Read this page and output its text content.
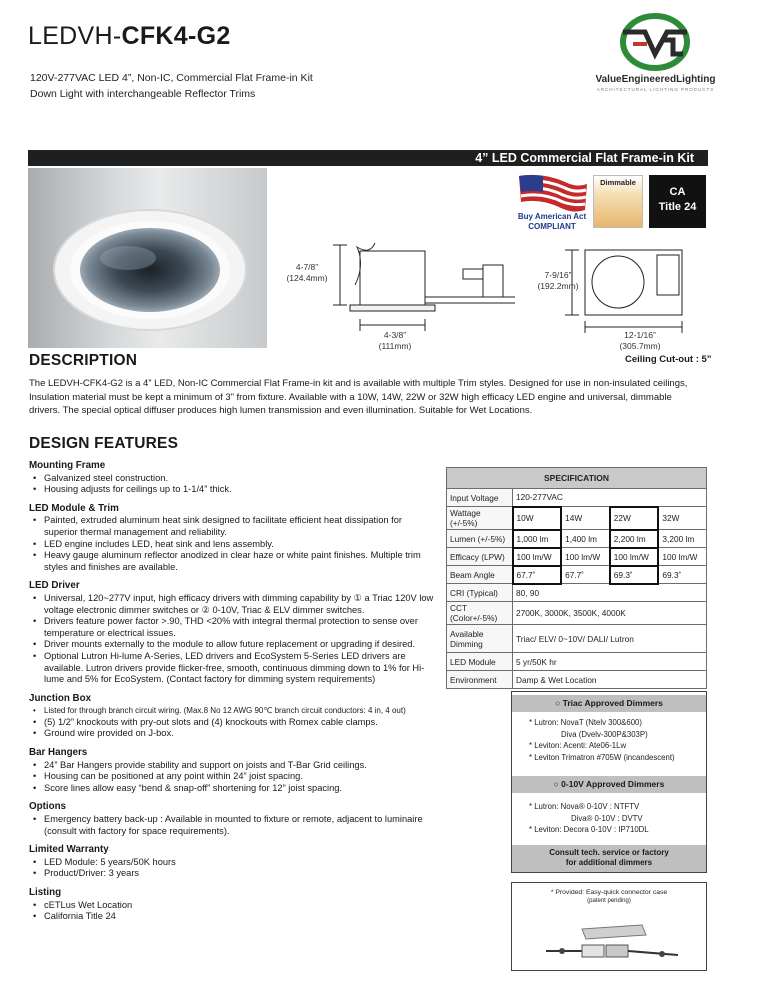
LEDVH-CFK4-G2
120V-277VAC LED 4”, Non-IC, Commercial Flat Frame-in Kit
Down Light with interchangeable Reflector Trims
ValueEngineeredLighting
ARCHITECTURAL LIGHTING PRODUCTS
4” LED Commercial Flat Frame-in Kit
Buy American Act
COMPLIANT
Dimmable
CA
Title 24
4-7/8”
(124.4mm)
4-3/8”
(111mm)
7-9/16”
(192.2mm)
12-1/16”
(305.7mm)
Ceiling Cut-out : 5”
DESCRIPTION
The LEDVH-CFK4-G2 is a 4” LED, Non-IC Commercial Flat Frame-in kit and is available with multiple Trim styles. Designed for use in non-insulated ceilings, Insulation material must be kept a minimum of 3” from fixture. Available with a 10W, 14W, 22W or 32W high efficacy LED engine and universal, dimmable drivers. The special optical diffuser produces high lumen transmission and even illumination. Suitable for Wet Locations.
DESIGN FEATURES
Mounting Frame
• Galvanized steel construction.
• Housing adjusts for ceilings up to 1-1/4” thick.
LED Module & Trim
• Painted, extruded aluminum heat sink designed to facilitate efficient heat dissipation for superior thermal management and reliability.
• LED engine includes LED, heat sink and lens assembly.
• Heavy gauge aluminum reflector anodized in clear haze or white paint finishes. Multiple trim styles and finishes are available.
LED Driver
• Universal, 120~277V input, high efficacy drivers with dimming capability by ① a Triac 120V low voltage electronic dimmer switches or ② 0-10V, Triac & ELV dimmer switches.
• Drivers feature power factor >.90, THD <20% with integral thermal protection to sense over temperature or electrical issues.
• Driver mounts externally to the module to allow future replacement or upgrading if desired.
• Optional Lutron Hi-lume A-Series, LED drivers and EcoSystem 5-Series LED drivers are available. Lutron drivers provide flicker-free, smooth, continuous dimming down to 1% for Hi-lume and 5% for EcoSystem. (Contact factory for dimming system requirements)
Junction Box
• Listed for through branch circuit wiring. (Max.8 No 12 AWG 90℃ branch circuit conductors: 4 in, 4 out)
• (5) 1/2” knockouts with pry-out slots and (4) knockouts with Romex cable clamps.
• Ground wire provided on J-box.
Bar Hangers
• 24” Bar Hangers provide stability and support on joists and T-Bar Grid ceilings.
• Housing can be positioned at any point within 24” joist spacing.
• Score lines allow easy “bend & snap-off” shortening for 12” joist spacing.
Options
• Emergency battery back-up : Available in mounted to fixture or remote, adjacent to luminaire (consult with factory for space requirements).
Limited Warranty
• LED Module: 5 years/50K hours
• Product/Driver: 3 years
Listing
• cETLus Wet Location
• California Title 24
SPECIFICATION				
Input Voltage	120-277VAC			
Wattage (+/-5%)	10W	14W	22W	32W
Lumen (+/-5%)	1,000 lm	1,400 lm	2,200 lm	3,200 lm
Efficacy (LPW)	100 lm/W	100 lm/W	100 lm/W	100 lm/W
Beam Angle	67.7˚	67.7˚	69.3˚	69.3˚
CRI (Typical)	80, 90			
CCT (Color+/-5%)	2700K, 3000K, 3500K, 4000K			
Available Dimming	Triac/ ELV/ 0~10V/ DALI/ Lutron			
LED Module	5 yr/50K hr			
Environment	Damp & Wet Location			
○ Triac Approved Dimmers
* Lutron: NovaT (Ntelv 300&600)
Diva (Dvelv-300P&303P)
* Leviton: Acenti: Ate06-1Lw
* Leviton Trimatron #705W (incandescent)
○ 0-10V Approved Dimmers
* Lutron: Nova® 0-10V : NTFTV
Diva® 0-10V : DVTV
* Leviton: Decora 0-10V : IP710DL
Consult tech. service or factory
for additional dimmers
* Provided: Easy-quick connector case
(patent pending)
